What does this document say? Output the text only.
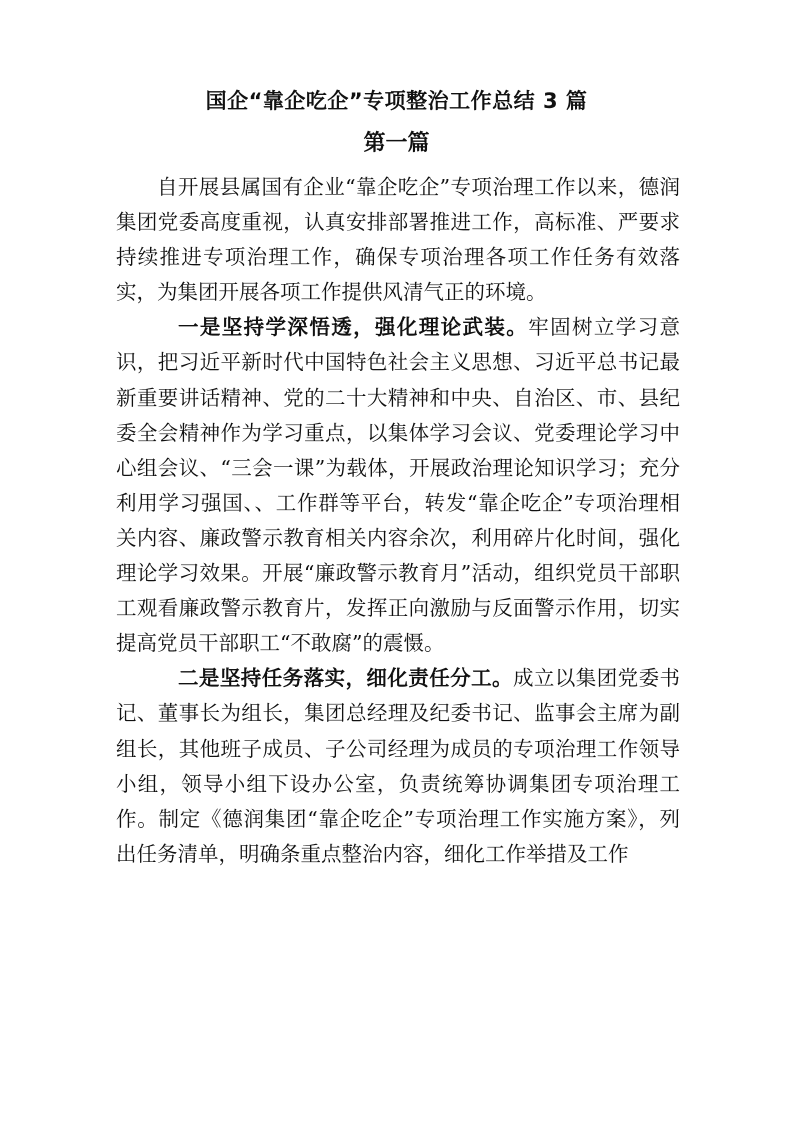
国企“靠企吃企”专项整治工作总结 3 篇
第一篇

自开展县属国有企业“靠企吃企”专项治理工作以来，德润集团党委高度重视，认真安排部署推进工作，高标准、严要求持续推进专项治理工作，确保专项治理各项工作任务有效落实，为集团开展各项工作提供风清气正的环境。

一是坚持学深悟透，强化理论武装。牢固树立学习意识，把习近平新时代中国特色社会主义思想、习近平总书记最新重要讲话精神、党的二十大精神和中央、自治区、市、县纪委全会精神作为学习重点，以集体学习会议、党委理论学习中心组会议、“三会一课”为载体，开展政治理论知识学习；充分利用学习强国、、工作群等平台，转发“靠企吃企”专项治理相关内容、廉政警示教育相关内容余次，利用碎片化时间，强化理论学习效果。开展“廉政警示教育月”活动，组织党员干部职工观看廉政警示教育片，发挥正向激励与反面警示作用，切实提高党员干部职工“不敢腐”的震慑。

二是坚持任务落实，细化责任分工。成立以集团党委书记、董事长为组长，集团总经理及纪委书记、监事会主席为副组长，其他班子成员、子公司经理为成员的专项治理工作领导小组，领导小组下设办公室，负责统筹协调集团专项治理工作。制定《德润集团“靠企吃企”专项治理工作实施方案》，列出任务清单，明确条重点整治内容，细化工作举措及工作
